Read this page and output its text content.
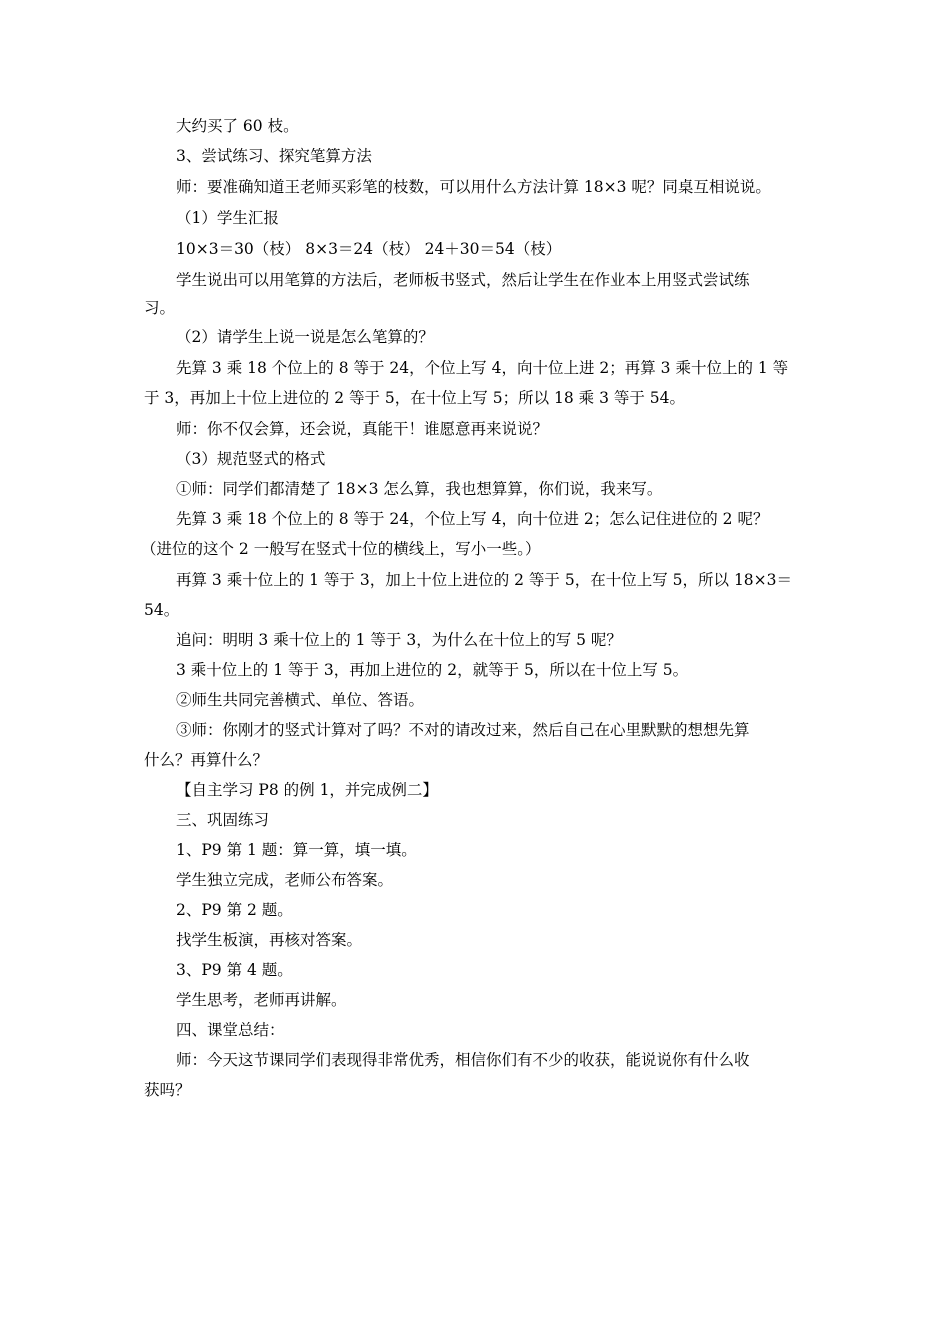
大约买了 60 枝。
3、尝试练习、探究笔算方法
师：要准确知道王老师买彩笔的枝数，可以用什么方法计算 18×3 呢？同桌互相说说。
（1）学生汇报
10×3＝30（枝） 8×3＝24（枝） 24＋30＝54（枝）
学生说出可以用笔算的方法后，老师板书竖式，然后让学生在作业本上用竖式尝试练
习。
（2）请学生上说一说是怎么笔算的？
先算 3 乘 18 个位上的 8 等于 24，个位上写 4，向十位上进 2；再算 3 乘十位上的 1 等
于 3，再加上十位上进位的 2 等于 5，在十位上写 5；所以 18 乘 3 等于 54。
师：你不仅会算，还会说，真能干！谁愿意再来说说？
（3）规范竖式的格式
①师：同学们都清楚了 18×3 怎么算，我也想算算，你们说，我来写。
先算 3 乘 18 个位上的 8 等于 24，个位上写 4，向十位进 2；怎么记住进位的 2 呢？
（进位的这个 2 一般写在竖式十位的横线上，写小一些。）
再算 3 乘十位上的 1 等于 3，加上十位上进位的 2 等于 5，在十位上写 5，所以 18×3＝
54。
追问：明明 3 乘十位上的 1 等于 3，为什么在十位上的写 5 呢？
3 乘十位上的 1 等于 3，再加上进位的 2，就等于 5，所以在十位上写 5。
②师生共同完善横式、单位、答语。
③师：你刚才的竖式计算对了吗？不对的请改过来，然后自己在心里默默的想想先算
什么？再算什么？
【自主学习 P8 的例 1，并完成例二】
三、巩固练习
1、P9 第 1 题：算一算，填一填。
学生独立完成，老师公布答案。
2、P9 第 2 题。
找学生板演，再核对答案。
3、P9 第 4 题。
学生思考，老师再讲解。
四、课堂总结：
师：今天这节课同学们表现得非常优秀，相信你们有不少的收获，能说说你有什么收
获吗？
